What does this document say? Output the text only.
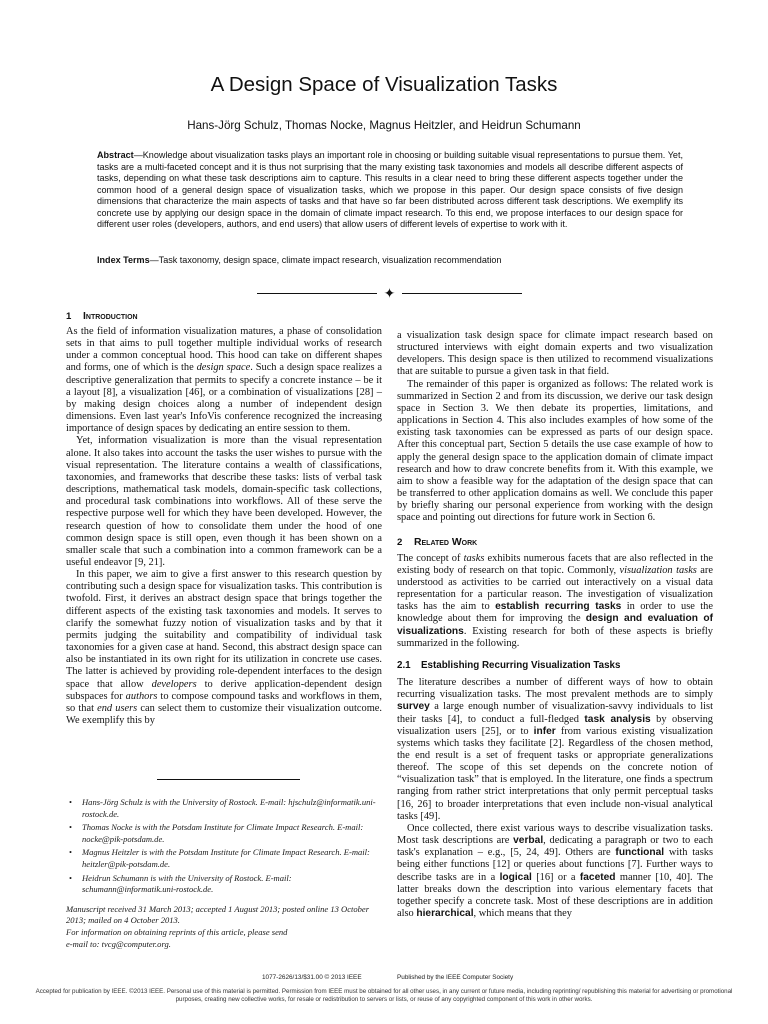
A Design Space of Visualization Tasks
Hans-Jörg Schulz, Thomas Nocke, Magnus Heitzler, and Heidrun Schumann
Abstract—Knowledge about visualization tasks plays an important role in choosing or building suitable visual representations to pursue them. Yet, tasks are a multi-faceted concept and it is thus not surprising that the many existing task taxonomies and models all describe different aspects of tasks, depending on what these task descriptions aim to capture. This results in a clear need to bring these different aspects together under the common hood of a general design space of visualization tasks, which we propose in this paper. Our design space consists of five design dimensions that characterize the main aspects of tasks and that have so far been distributed across different task descriptions. We exemplify its concrete use by applying our design space in the domain of climate impact research. To this end, we propose interfaces to our design space for different user roles (developers, authors, and end users) that allow users of different levels of expertise to work with it.
Index Terms—Task taxonomy, design space, climate impact research, visualization recommendation
✦
1 Introduction

As the field of information visualization matures, a phase of consolidation sets in that aims to pull together multiple individual works of research under a common conceptual hood. This hood can take on different shapes and forms, one of which is the design space. Such a design space realizes a descriptive generalization that permits to specify a concrete instance – be it a layout [8], a visualization [46], or a combination of visualizations [28] – by making design choices along a number of independent design dimensions. Even last year's InfoVis conference recognized the increasing importance of design spaces by dedicating an entire session to them.

Yet, information visualization is more than the visual representation alone. It also takes into account the tasks the user wishes to pursue with the visual representation. The literature contains a wealth of classifications, taxonomies, and frameworks that describe these tasks: lists of verbal task descriptions, mathematical task models, domain-specific task collections, and procedural task combinations into workflows. All of these serve the respective purpose well for which they have been developed. However, the research question of how to consolidate them under the hood of one common design space is still open, even though it has been shown on a smaller scale that such a combination into a common framework can be a useful endeavor [9, 21].

In this paper, we aim to give a first answer to this research question by contributing such a design space for visualization tasks. This contribution is twofold. First, it derives an abstract design space that brings together the different aspects of the existing task taxonomies and models. It serves to clarify the somewhat fuzzy notion of visualization tasks and by that it permits judging the suitability and compatibility of individual task taxonomies for a given case at hand. Second, this abstract design space can also be instantiated in its own right for its utilization in concrete use cases. The latter is achieved by providing role-dependent interfaces to the design space that allow developers to derive application-dependent design subspaces for authors to compose compound tasks and workflows in them, so that end users can select them to customize their visualization outcome. We exemplify this by

• Hans-Jörg Schulz is with the University of Rostock. E-mail: hjschulz@informatik.uni-rostock.de.
• Thomas Nocke is with the Potsdam Institute for Climate Impact Research. E-mail: nocke@pik-potsdam.de.
• Magnus Heitzler is with the Potsdam Institute for Climate Impact Research. E-mail: heitzler@pik-potsdam.de.
• Heidrun Schumann is with the University of Rostock. E-mail: schumann@informatik.uni-rostock.de.
Manuscript received 31 March 2013; accepted 1 August 2013; posted online 13 October 2013; mailed on 4 October 2013.
For information on obtaining reprints of this article, please send
e-mail to: tvcg@computer.org.

a visualization task design space for climate impact research based on structured interviews with eight domain experts and two visualization developers. This design space is then utilized to recommend visualizations that are suitable to pursue a given task in that field.

The remainder of this paper is organized as follows: The related work is summarized in Section 2 and from its discussion, we derive our task design space in Section 3. We then debate its properties, limitations, and applications in Section 4. This also includes examples of how some of the existing task taxonomies can be expressed as parts of our design space. After this conceptual part, Section 5 details the use case example of how to apply the general design space to the application domain of climate impact research and how to draw concrete benefits from it. With this example, we aim to show a feasible way for the adaptation of the design space that can be transferred to other application domains as well. We conclude this paper by briefly sharing our personal experience from working with the design space and pointing out directions for future work in Section 6.

2 Related Work

The concept of tasks exhibits numerous facets that are also reflected in the existing body of research on that topic. Commonly, visualization tasks are understood as activities to be carried out interactively on a visual data representation for a particular reason. The investigation of visualization tasks has the aim to establish recurring tasks in order to use the knowledge about them for improving the design and evaluation of visualizations. Existing research for both of these aspects is briefly summarized in the following.

2.1 Establishing Recurring Visualization Tasks

The literature describes a number of different ways of how to obtain recurring visualization tasks. The most prevalent methods are to simply survey a large enough number of visualization-savvy individuals to list their tasks [4], to conduct a full-fledged task analysis by observing visualization users [25], or to infer from various existing visualization systems which tasks they facilitate [2]. Regardless of the chosen method, the end result is a set of frequent tasks or appropriate generalizations thereof. The scope of this set depends on the concrete notion of “visualization task” that is employed. In the literature, one finds a spectrum ranging from rather strict interpretations that only permit perceptual tasks [16, 26] to broader interpretations that even include non-visual analytical tasks [49].

Once collected, there exist various ways to describe visualization tasks. Most task descriptions are verbal, dedicating a paragraph or two to each task's explanation – e.g., [5, 24, 49]. Others are functional with tasks being either functions [12] or queries about functions [7]. Further ways to describe tasks are in a logical [16] or a faceted manner [10, 40]. The latter breaks down the description into various elementary facets that together specify a concrete task. Most of these descriptions are in addition also hierarchical, which means that they

1077-2626/13/$31.00 © 2013 IEEE	Published by the IEEE Computer Society
Accepted for publication by IEEE. ©2013 IEEE. Personal use of this material is permitted. Permission from IEEE must be obtained for all other uses, in any current or future media, including reprinting/ republishing this material for advertising or promotional purposes, creating new collective works, for resale or redistribution to servers or lists, or reuse of any copyrighted component of this work in other works.
